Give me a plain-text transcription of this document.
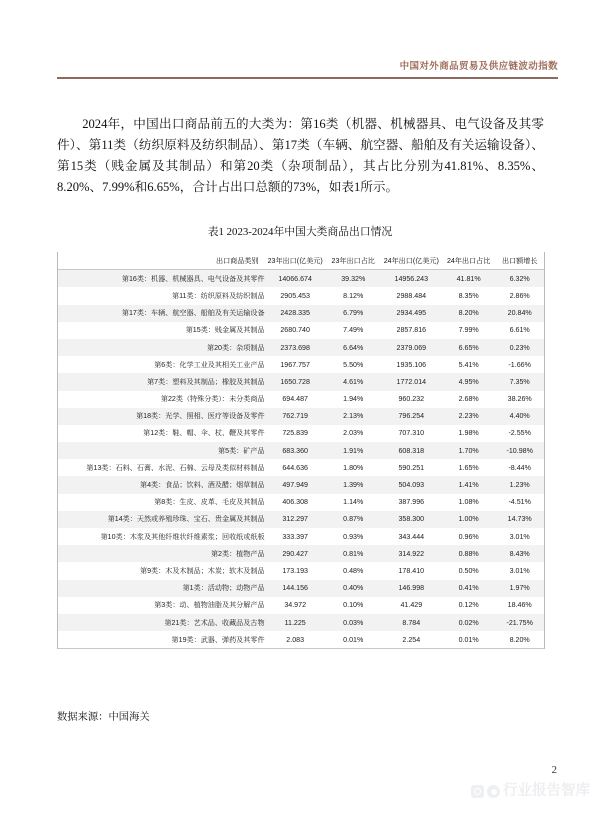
中国对外商品贸易及供应链波动指数

2024年，中国出口商品前五的大类为：第16类（机器、机械器具、电气设备及其零件）、第11类（纺织原料及纺织制品）、第17类（车辆、航空器、船舶及有关运输设备）、第15类（贱金属及其制品）和第20类（杂项制品），其占比分别为41.81%、8.35%、8.20%、7.99%和6.65%，合计占出口总额的73%，如表1所示。

表1 2023-2024年中国大类商品出口情况
出口商品类别	23年出口(亿美元)	23年出口占比	24年出口(亿美元)	24年出口占比	出口额增长
第16类：机器、机械器具、电气设备及其零件	14066.674	39.32%	14956.243	41.81%	6.32%
第11类：纺织原料及纺织制品	2905.453	8.12%	2988.484	8.35%	2.86%
第17类：车辆、航空器、船舶及有关运输设备	2428.335	6.79%	2934.495	8.20%	20.84%
第15类：贱金属及其制品	2680.740	7.49%	2857.816	7.99%	6.61%
第20类：杂项制品	2373.698	6.64%	2379.069	6.65%	0.23%
第6类：化学工业及其相关工业产品	1967.757	5.50%	1935.106	5.41%	-1.66%
第7类：塑料及其制品；橡胶及其制品	1650.728	4.61%	1772.014	4.95%	7.35%
第22类（特殊分类）：未分类商品	694.487	1.94%	960.232	2.68%	38.26%
第18类：光学、照相、医疗等设备及零件	762.719	2.13%	796.254	2.23%	4.40%
第12类：鞋、帽、伞、杖、鞭及其零件	725.839	2.03%	707.310	1.98%	-2.55%
第5类：矿产品	683.360	1.91%	608.318	1.70%	-10.98%
第13类：石料、石膏、水泥、石棉、云母及类似材料制品	644.636	1.80%	590.251	1.65%	-8.44%
第4类：食品；饮料、酒及醋；烟草制品	497.949	1.39%	504.093	1.41%	1.23%
第8类：生皮、皮革、毛皮及其制品	406.308	1.14%	387.996	1.08%	-4.51%
第14类：天然或养殖珍珠、宝石、贵金属及其制品	312.297	0.87%	358.300	1.00%	14.73%
第10类：木浆及其他纤维状纤维素浆；回收纸或纸板	333.397	0.93%	343.444	0.96%	3.01%
第2类：植物产品	290.427	0.81%	314.922	0.88%	8.43%
第9类：木及木制品；木炭；软木及制品	173.193	0.48%	178.410	0.50%	3.01%
第1类：活动物；动物产品	144.156	0.40%	146.998	0.41%	1.97%
第3类：动、植物油脂及其分解产品	34.972	0.10%	41.429	0.12%	18.46%
第21类：艺术品、收藏品及古物	11.225	0.03%	8.784	0.02%	-21.75%
第19类：武器、弹药及其零件	2.083	0.01%	2.254	0.01%	8.20%
数据来源：中国海关
2
行业报告智库
